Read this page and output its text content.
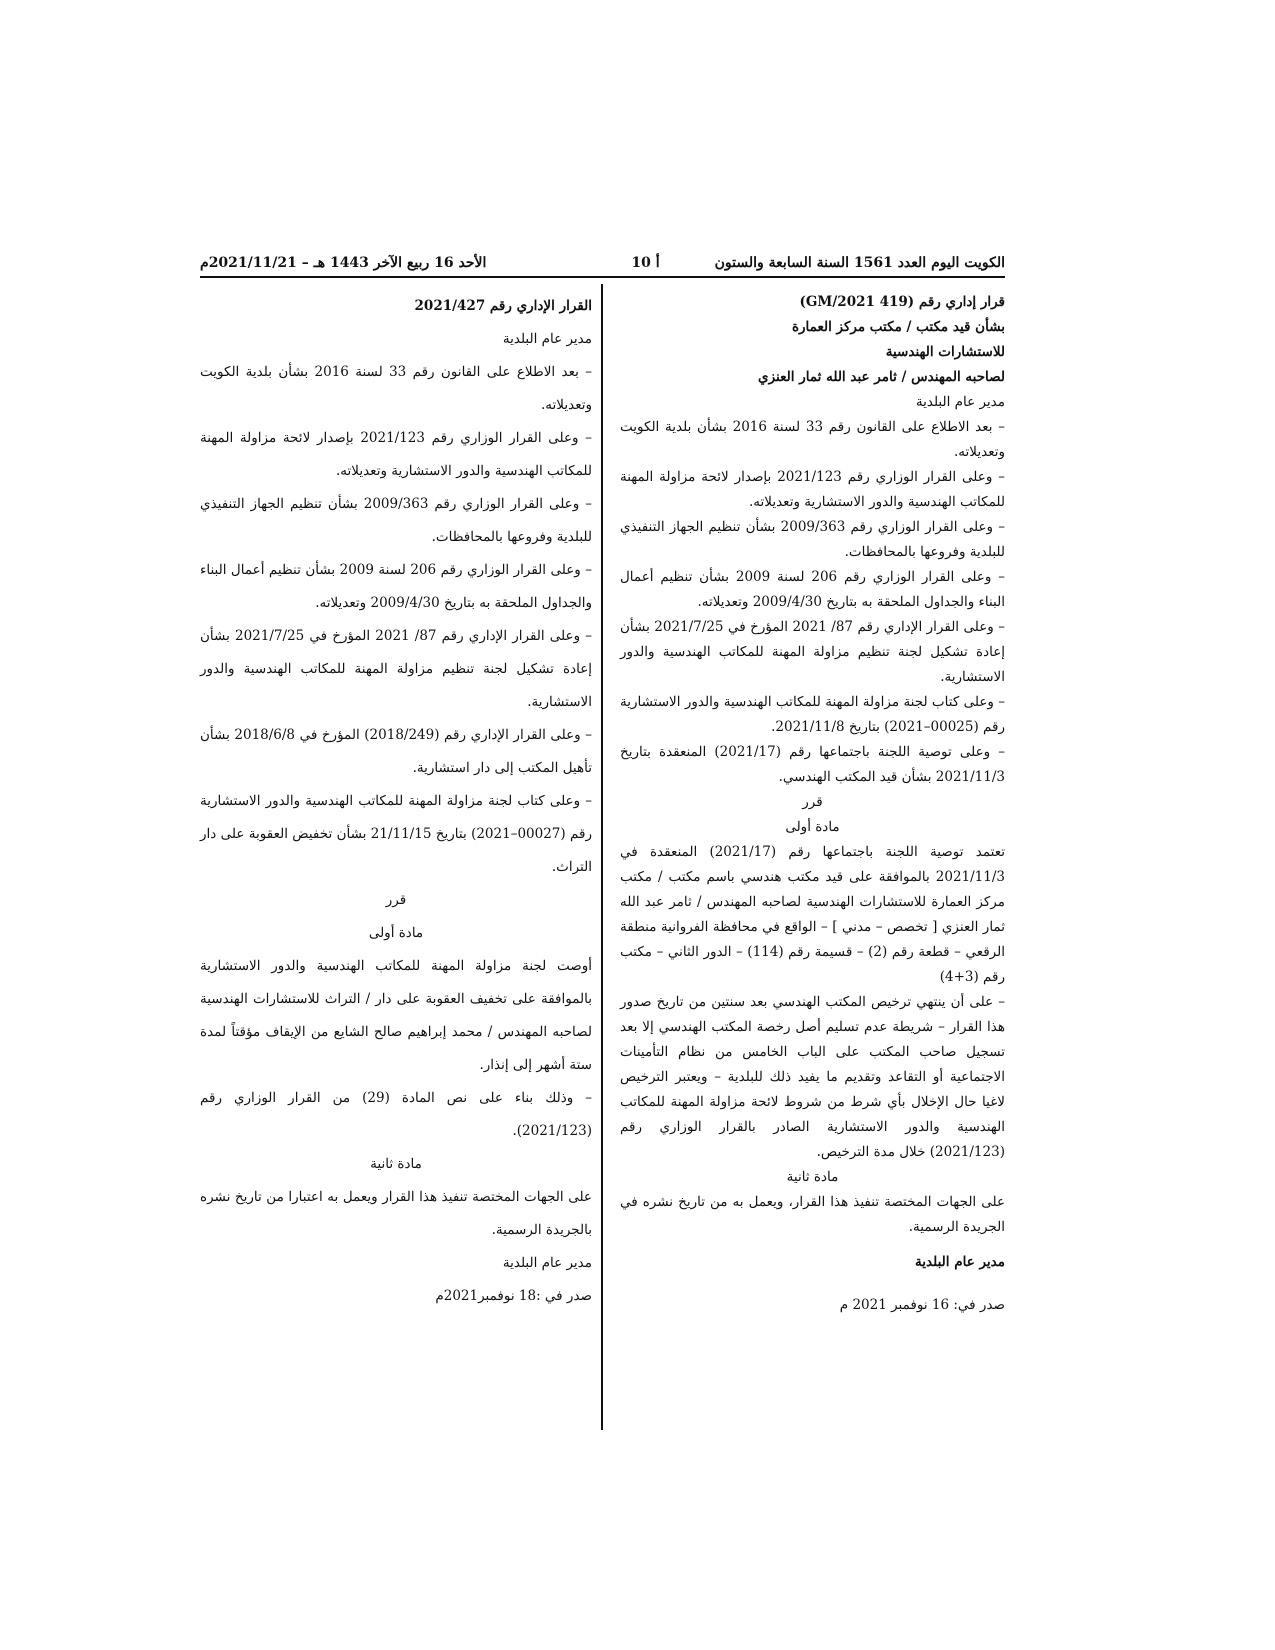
الكويت اليوم العدد 1561 السنة السابعة والستون
أ 10
الأحد 16 ربيع الآخر 1443 هـ – 2021/11/21م

قرار إداري رقم (419 GM/2021)

بشأن قيد مكتب / مكتب مركز العمارة

للاستشارات الهندسية

لصاحبه المهندس / ثامر عبد الله ثمار العنزي

مدير عام البلدية

– بعد الاطلاع على القانون رقم 33 لسنة 2016 بشأن بلدية الكويت وتعديلاته.

– وعلى القرار الوزاري رقم 2021/123 بإصدار لائحة مزاولة المهنة للمكاتب الهندسية والدور الاستشارية وتعديلاته.

– وعلى القرار الوزاري رقم 2009/363 بشأن تنظيم الجهاز التنفيذي للبلدية وفروعها بالمحافظات.

– وعلى القرار الوزاري رقم 206 لسنة 2009 بشأن تنظيم أعمال البناء والجداول الملحقة به بتاريخ 2009/4/30 وتعديلاته.

– وعلى القرار الإداري رقم 87/ 2021 المؤرخ في 2021/7/25 بشأن إعادة تشكيل لجنة تنظيم مزاولة المهنة للمكاتب الهندسية والدور الاستشارية.

– وعلى كتاب لجنة مزاولة المهنة للمكاتب الهندسية والدور الاستشارية رقم (00025–2021) بتاريخ 2021/11/8.

– وعلى توصية اللجنة باجتماعها رقم (2021/17) المنعقدة بتاريخ 2021/11/3 بشأن قيد المكتب الهندسي.

قرر

مادة أولى

تعتمد توصية اللجنة باجتماعها رقم (2021/17) المنعقدة في 2021/11/3 بالموافقة على قيد مكتب هندسي باسم مكتب / مكتب مركز العمارة للاستشارات الهندسية لصاحبه المهندس / ثامر عبد الله ثمار العنزي [ تخصص – مدني ] – الواقع في محافظة الفروانية منطقة الرقعي – قطعة رقم (2) – قسيمة رقم (114) – الدور الثاني – مكتب رقم (3+4)

– على أن ينتهي ترخيص المكتب الهندسي بعد سنتين من تاريخ صدور هذا القرار – شريطة عدم تسليم أصل رخصة المكتب الهندسي إلا بعد تسجيل صاحب المكتب على الباب الخامس من نظام التأمينات الاجتماعية أو التقاعد وتقديم ما يفيد ذلك للبلدية – ويعتبر الترخيص لاغيا حال الإخلال بأي شرط من شروط لائحة مزاولة المهنة للمكاتب الهندسية والدور الاستشارية الصادر بالقرار الوزاري رقم (2021/123) خلال مدة الترخيص.

مادة ثانية

على الجهات المختصة تنفيذ هذا القرار، ويعمل به من تاريخ نشره في الجريدة الرسمية.

مدير عام البلدية

صدر في: 16 نوفمبر 2021 م

القرار الإداري رقم 2021/427

مدير عام البلدية

– بعد الاطلاع على القانون رقم 33 لسنة 2016 بشأن بلدية الكويت وتعديلاته.

– وعلى القرار الوزاري رقم 2021/123 بإصدار لائحة مزاولة المهنة للمكاتب الهندسية والدور الاستشارية وتعديلاته.

– وعلى القرار الوزاري رقم 2009/363 بشأن تنظيم الجهاز التنفيذي للبلدية وفروعها بالمحافظات.

– وعلى القرار الوزاري رقم 206 لسنة 2009 بشأن تنظيم أعمال البناء والجداول الملحقة به بتاريخ 2009/4/30 وتعديلاته.

– وعلى القرار الإداري رقم 87/ 2021 المؤرخ في 2021/7/25 بشأن إعادة تشكيل لجنة تنظيم مزاولة المهنة للمكاتب الهندسية والدور الاستشارية.

– وعلى القرار الإداري رقم (2018/249) المؤرخ في 2018/6/8 بشأن تأهيل المكتب إلى دار استشارية.

– وعلى كتاب لجنة مزاولة المهنة للمكاتب الهندسية والدور الاستشارية رقم (00027–2021) بتاريخ 21/11/15 بشأن تخفيض العقوبة على دار التراث.

قرر

مادة أولى

أوصت لجنة مزاولة المهنة للمكاتب الهندسية والدور الاستشارية بالموافقة على تخفيف العقوبة على دار / التراث للاستشارات الهندسية لصاحبه المهندس / محمد إبراهيم صالح الشايع من الإيقاف مؤقتاً لمدة ستة أشهر إلى إنذار.

– وذلك بناء على نص المادة (29) من القرار الوزاري رقم (2021/123).

مادة ثانية

على الجهات المختصة تنفيذ هذا القرار ويعمل به اعتبارا من تاريخ نشره بالجريدة الرسمية.

مدير عام البلدية

صدر في :18 نوفمبر2021م
